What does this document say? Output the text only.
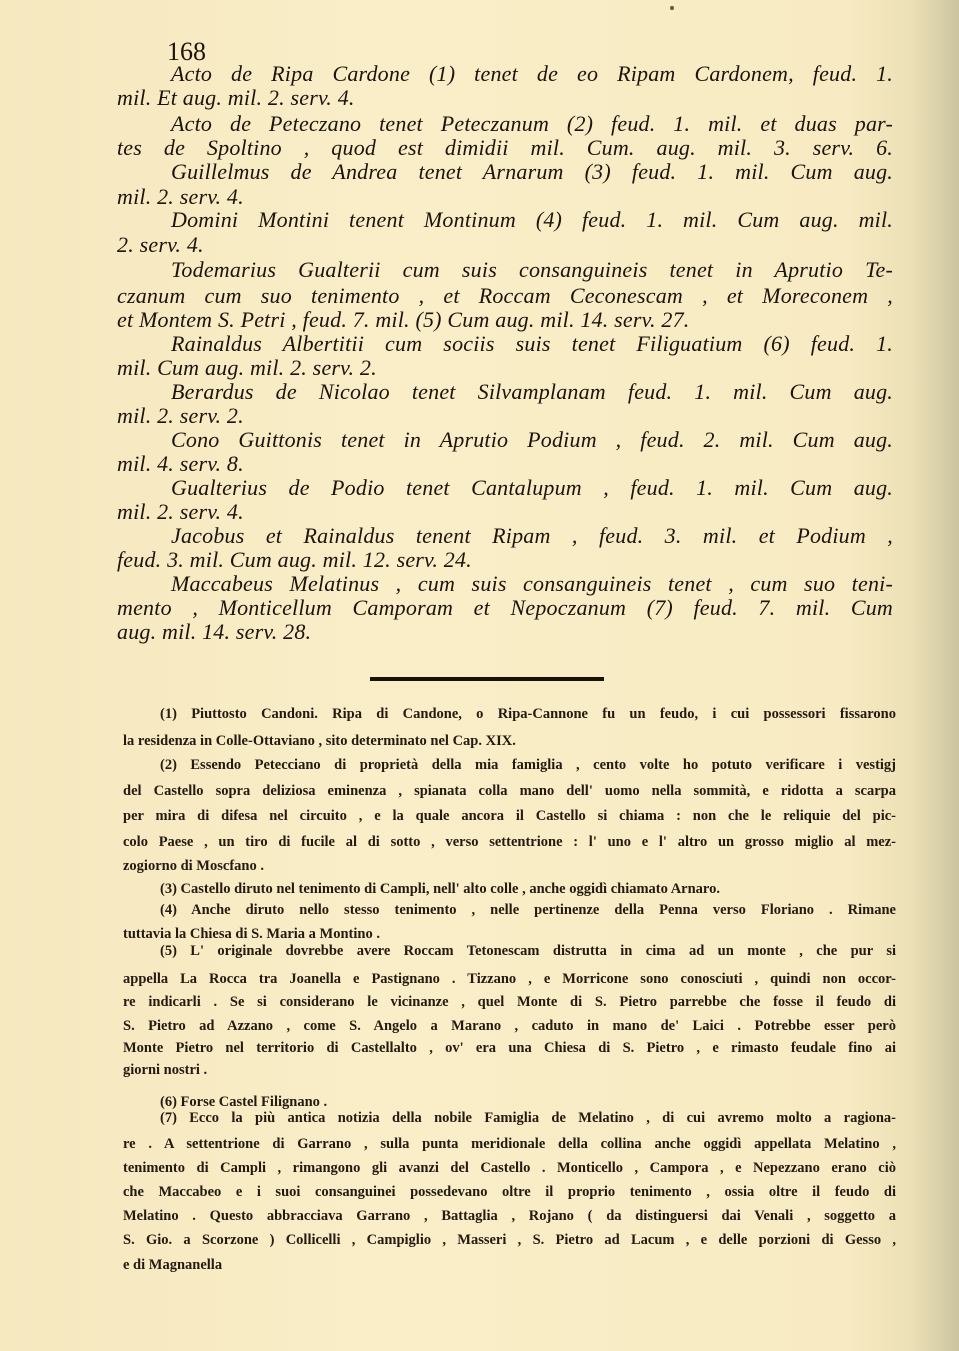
168
Acto de Ripa Cardone (1) tenet de eo Ripam Cardonem, feud. 1.
mil. Et aug. mil. 2. serv. 4.
Acto de Peteczano tenet Peteczanum (2) feud. 1. mil. et duas par-
tes de Spoltino , quod est dimidii mil. Cum. aug. mil. 3. serv. 6.
Guillelmus de Andrea tenet Arnarum (3) feud. 1. mil. Cum aug.
mil. 2. serv. 4.
Domini Montini tenent Montinum (4) feud. 1. mil. Cum aug. mil.
2. serv. 4.
Todemarius Gualterii cum suis consanguineis tenet in Aprutio Te-
czanum cum suo tenimento , et Roccam Ceconescam , et Moreconem ,
et Montem S. Petri , feud. 7. mil. (5) Cum aug. mil. 14. serv. 27.
Rainaldus Albertitii cum sociis suis tenet Filiguatium (6) feud. 1.
mil. Cum aug. mil. 2. serv. 2.
Berardus de Nicolao tenet Silvamplanam feud. 1. mil. Cum aug.
mil. 2. serv. 2.
Cono Guittonis tenet in Aprutio Podium , feud. 2. mil. Cum aug.
mil. 4. serv. 8.
Gualterius de Podio tenet Cantalupum , feud. 1. mil. Cum aug.
mil. 2. serv. 4.
Jacobus et Rainaldus tenent Ripam , feud. 3. mil. et Podium ,
feud. 3. mil. Cum aug. mil. 12. serv. 24.
Maccabeus Melatinus , cum suis consanguineis tenet , cum suo teni-
mento , Monticellum Camporam et Nepoczanum (7) feud. 7. mil. Cum
aug. mil. 14. serv. 28.
(1) Piuttosto Candoni. Ripa di Candone, o Ripa-Cannone fu un feudo, i cui possessori fissarono
la residenza in Colle-Ottaviano , sito determinato nel Cap. XIX.
(2) Essendo Petecciano di proprietà della mia famiglia , cento volte ho potuto verificare i vestigj
del Castello sopra deliziosa eminenza , spianata colla mano dell' uomo nella sommità, e ridotta a scarpa
per mira di difesa nel circuito , e la quale ancora il Castello si chiama : non che le reliquie del pic-
colo Paese , un tiro di fucile al di sotto , verso settentrione : l' uno e l' altro un grosso miglio al mez-
zogiorno di Moscfano .
(3) Castello diruto nel tenimento di Campli, nell' alto colle , anche oggidì chiamato Arnaro.
(4) Anche diruto nello stesso tenimento , nelle pertinenze della Penna verso Floriano . Rimane
tuttavia la Chiesa di S. Maria a Montino .
(5) L' originale dovrebbe avere Roccam Tetonescam distrutta in cima ad un monte , che pur si
appella La Rocca tra Joanella e Pastignano . Tizzano , e Morricone sono conosciuti , quindi non occor-
re indicarli . Se si considerano le vicinanze , quel Monte di S. Pietro parrebbe che fosse il feudo di
S. Pietro ad Azzano , come S. Angelo a Marano , caduto in mano de' Laici . Potrebbe esser però
Monte Pietro nel territorio di Castellalto , ov' era una Chiesa di S. Pietro , e rimasto feudale fino ai
giorni nostri .
(6) Forse Castel Filignano .
(7) Ecco la più antica notizia della nobile Famiglia de Melatino , di cui avremo molto a ragiona-
re . A settentrione di Garrano , sulla punta meridionale della collina anche oggidì appellata Melatino ,
tenimento di Campli , rimangono gli avanzi del Castello . Monticello , Campora , e Nepezzano erano ciò
che Maccabeo e i suoi consanguinei possedevano oltre il proprio tenimento , ossia oltre il feudo di
Melatino . Questo abbracciava Garrano , Battaglia , Rojano ( da distinguersi dai Venali , soggetto a
S. Gio. a Scorzone ) Collicelli , Campiglio , Masseri , S. Pietro ad Lacum , e delle porzioni di Gesso ,
e di Magnanella
